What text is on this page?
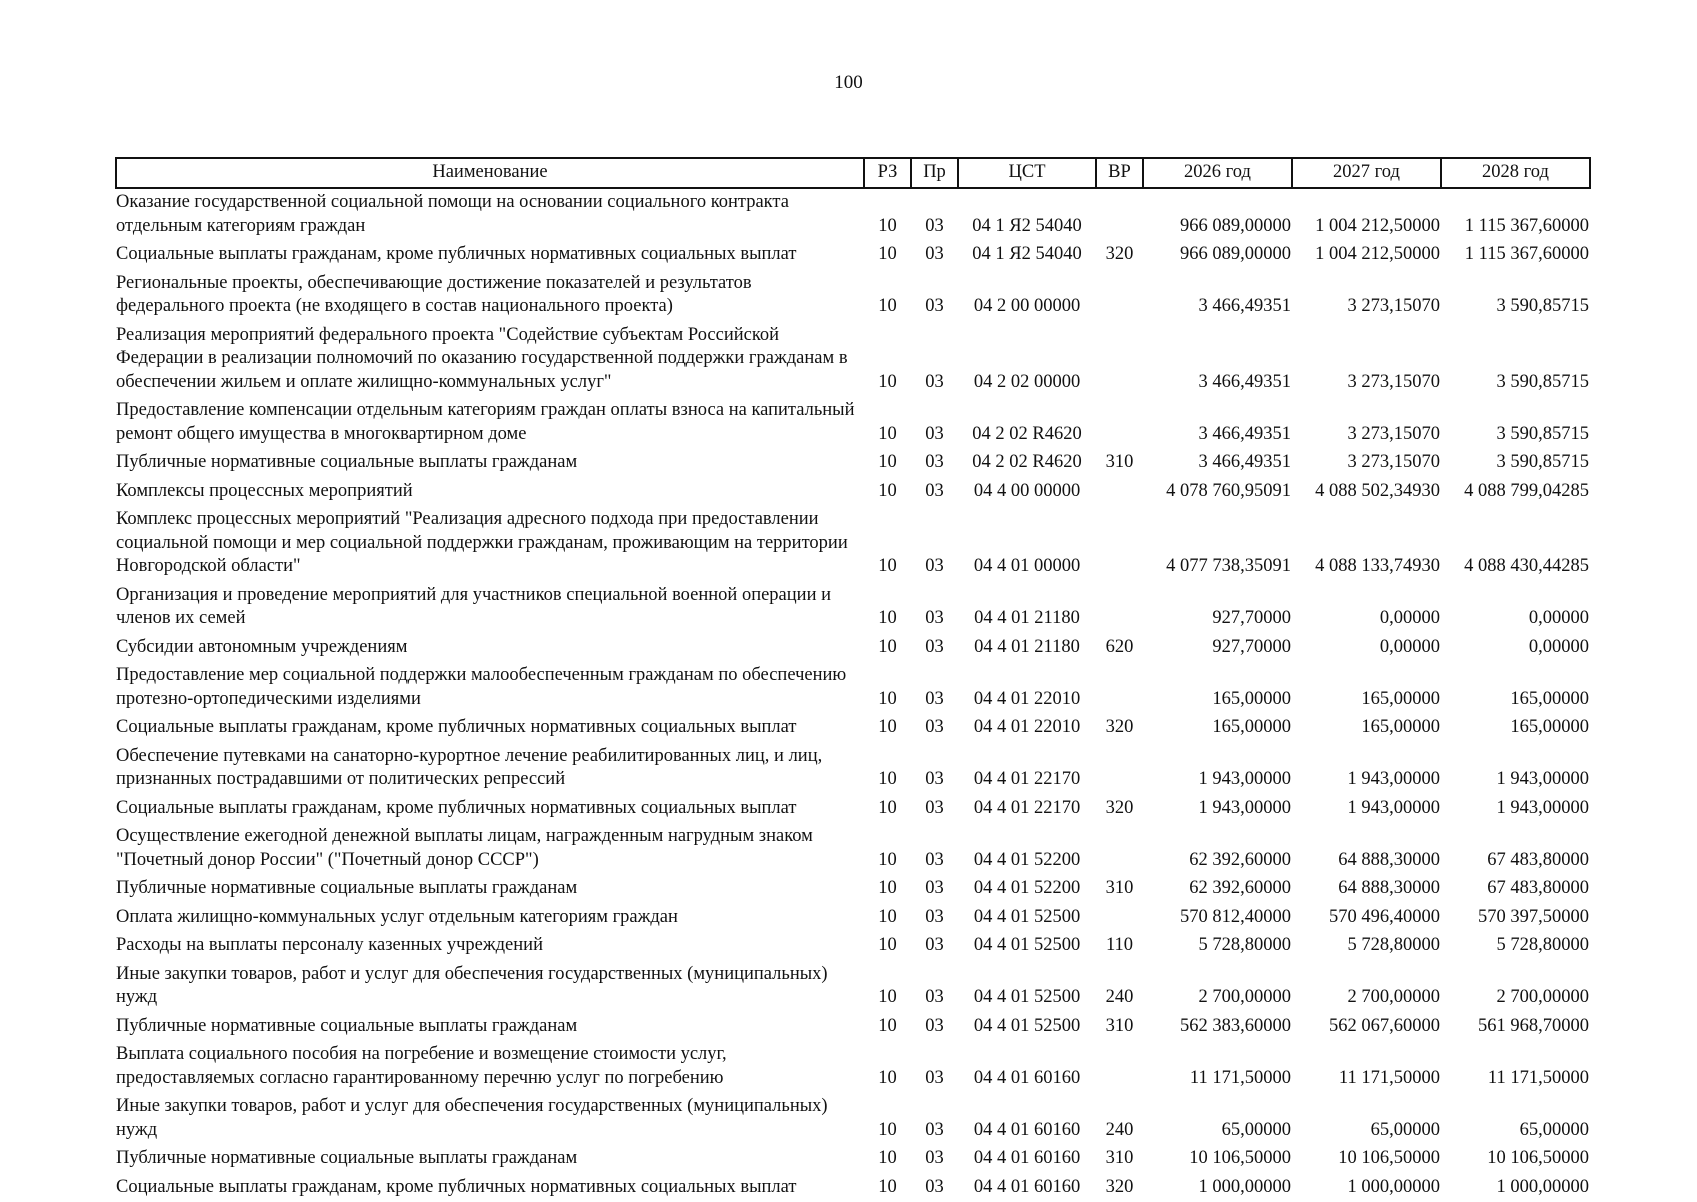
100
Наименование	РЗ	Пр	ЦСТ	ВР	2026 год	2027 год	2028 год
Оказание государственной социальной помощи на основании социального контракта отдельным категориям граждан	10	03	04 1 Я2 54040		966 089,00000	1 004 212,50000	1 115 367,60000
Социальные выплаты гражданам, кроме публичных нормативных социальных выплат	10	03	04 1 Я2 54040	320	966 089,00000	1 004 212,50000	1 115 367,60000
Региональные проекты, обеспечивающие достижение показателей и результатов федерального проекта (не входящего в состав национального проекта)	10	03	04 2 00 00000		3 466,49351	3 273,15070	3 590,85715
Реализация мероприятий федерального проекта "Содействие субъектам Российской Федерации в реализации полномочий по оказанию государственной поддержки гражданам в обеспечении жильем и оплате жилищно-коммунальных услуг"	10	03	04 2 02 00000		3 466,49351	3 273,15070	3 590,85715
Предоставление компенсации отдельным категориям граждан оплаты взноса на капитальный ремонт общего имущества в многоквартирном доме	10	03	04 2 02 R4620		3 466,49351	3 273,15070	3 590,85715
Публичные нормативные социальные выплаты гражданам	10	03	04 2 02 R4620	310	3 466,49351	3 273,15070	3 590,85715
Комплексы процессных мероприятий	10	03	04 4 00 00000		4 078 760,95091	4 088 502,34930	4 088 799,04285
Комплекс процессных мероприятий "Реализация адресного подхода при предоставлении социальной помощи и мер социальной поддержки гражданам, проживающим на территории Новгородской области"	10	03	04 4 01 00000		4 077 738,35091	4 088 133,74930	4 088 430,44285
Организация и проведение мероприятий для участников специальной военной операции и членов их семей	10	03	04 4 01 21180		927,70000	0,00000	0,00000
Субсидии автономным учреждениям	10	03	04 4 01 21180	620	927,70000	0,00000	0,00000
Предоставление мер социальной поддержки малообеспеченным гражданам по обеспечению протезно-ортопедическими изделиями	10	03	04 4 01 22010		165,00000	165,00000	165,00000
Социальные выплаты гражданам, кроме публичных нормативных социальных выплат	10	03	04 4 01 22010	320	165,00000	165,00000	165,00000
Обеспечение путевками на санаторно-курортное лечение реабилитированных лиц, и лиц, признанных пострадавшими от политических репрессий	10	03	04 4 01 22170		1 943,00000	1 943,00000	1 943,00000
Социальные выплаты гражданам, кроме публичных нормативных социальных выплат	10	03	04 4 01 22170	320	1 943,00000	1 943,00000	1 943,00000
Осуществление ежегодной денежной выплаты лицам, награжденным нагрудным знаком "Почетный донор России" ("Почетный донор СССР")	10	03	04 4 01 52200		62 392,60000	64 888,30000	67 483,80000
Публичные нормативные социальные выплаты гражданам	10	03	04 4 01 52200	310	62 392,60000	64 888,30000	67 483,80000
Оплата жилищно-коммунальных услуг отдельным категориям граждан	10	03	04 4 01 52500		570 812,40000	570 496,40000	570 397,50000
Расходы на выплаты персоналу казенных учреждений	10	03	04 4 01 52500	110	5 728,80000	5 728,80000	5 728,80000
Иные закупки товаров, работ и услуг для обеспечения государственных (муниципальных) нужд	10	03	04 4 01 52500	240	2 700,00000	2 700,00000	2 700,00000
Публичные нормативные социальные выплаты гражданам	10	03	04 4 01 52500	310	562 383,60000	562 067,60000	561 968,70000
Выплата социального пособия на погребение и возмещение стоимости услуг, предоставляемых согласно гарантированному перечню услуг по погребению	10	03	04 4 01 60160		11 171,50000	11 171,50000	11 171,50000
Иные закупки товаров, работ и услуг для обеспечения государственных (муниципальных) нужд	10	03	04 4 01 60160	240	65,00000	65,00000	65,00000
Публичные нормативные социальные выплаты гражданам	10	03	04 4 01 60160	310	10 106,50000	10 106,50000	10 106,50000
Социальные выплаты гражданам, кроме публичных нормативных социальных выплат	10	03	04 4 01 60160	320	1 000,00000	1 000,00000	1 000,00000
